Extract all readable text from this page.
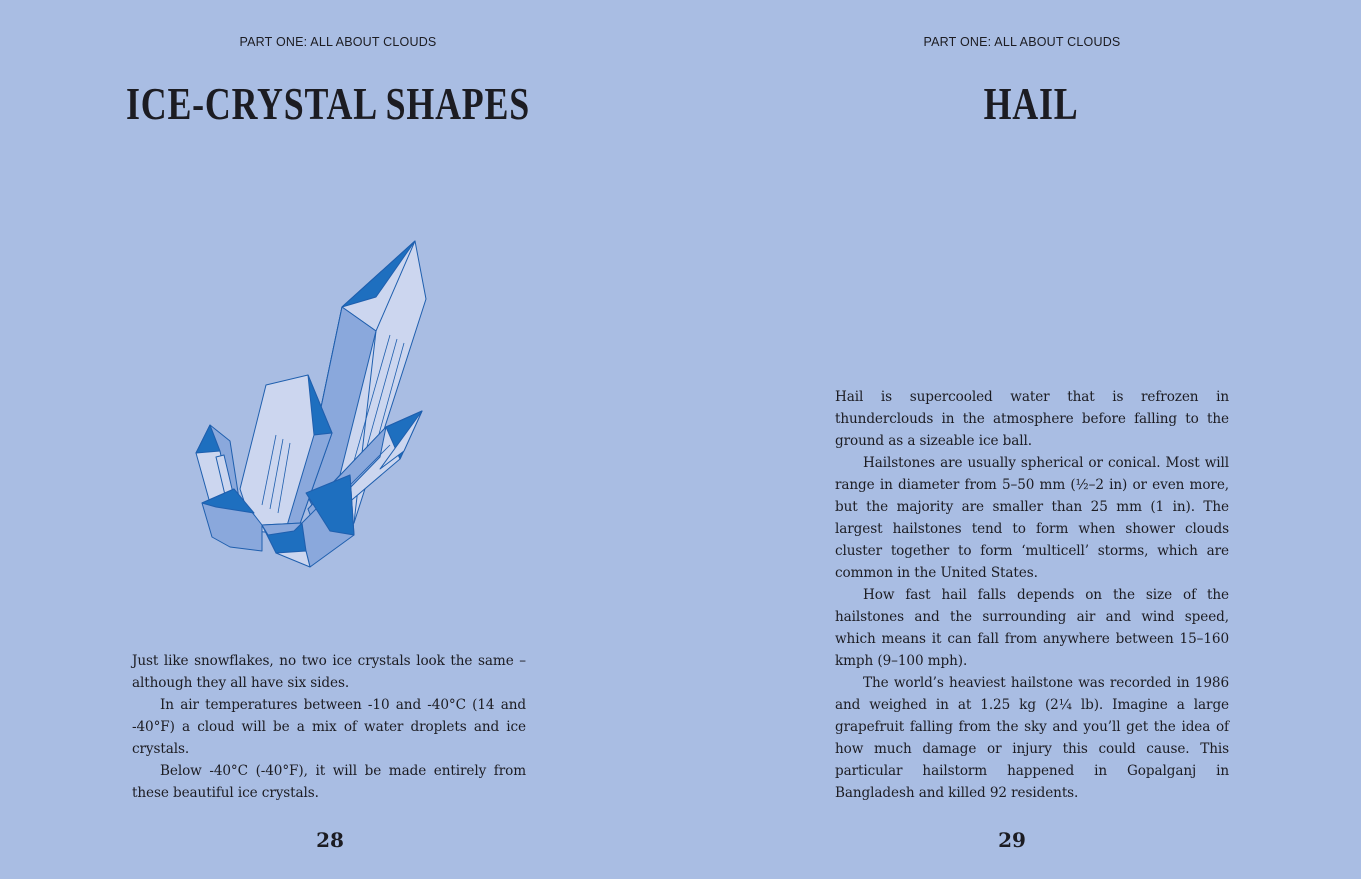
PART ONE: ALL ABOUT CLOUDS
ICE-CRYSTAL SHAPES

Just like snowflakes, no two ice crystals look the same – although they all have six sides.

In air temperatures between -10 and -40°C (14 and -40°F) a cloud will be a mix of water droplets and ice crystals.

Below -40°C (-40°F), it will be made entirely from these beautiful ice crystals.

28
PART ONE: ALL ABOUT CLOUDS
HAIL

Hail is supercooled water that is refrozen in thunderclouds in the atmosphere before falling to the ground as a sizeable ice ball.

Hailstones are usually spherical or conical. Most will range in diameter from 5–50 mm (½–2 in) or even more, but the majority are smaller than 25 mm (1 in). The largest hailstones tend to form when shower clouds cluster together to form ‘multicell’ storms, which are common in the United States.

How fast hail falls depends on the size of the hailstones and the surrounding air and wind speed, which means it can fall from anywhere between 15–160 kmph (9–100 mph).

The world’s heaviest hailstone was recorded in 1986 and weighed in at 1.25 kg (2¼ lb). Imagine a large grapefruit falling from the sky and you’ll get the idea of how much damage or injury this could cause. This particular hailstorm happened in Gopalganj in Bangladesh and killed 92 residents.

29
